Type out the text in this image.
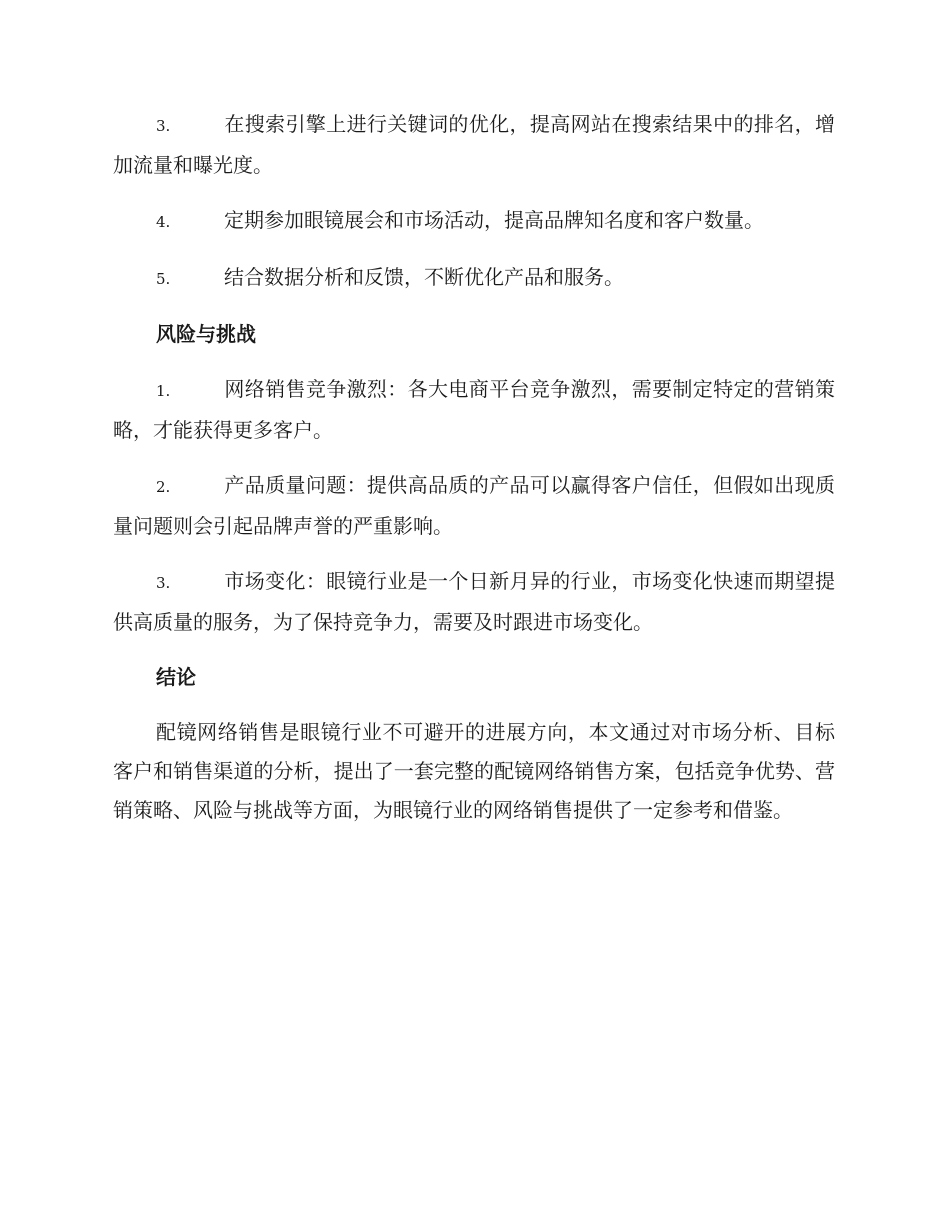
3.	在搜索引擎上进行关键词的优化，提高网站在搜索结果中的排名，增加流量和曝光度。
4.	定期参加眼镜展会和市场活动，提高品牌知名度和客户数量。
5.	结合数据分析和反馈，不断优化产品和服务。
风险与挑战
1.	网络销售竞争激烈：各大电商平台竞争激烈，需要制定特定的营销策略，才能获得更多客户。
2.	产品质量问题：提供高品质的产品可以赢得客户信任，但假如出现质量问题则会引起品牌声誉的严重影响。
3.	市场变化：眼镜行业是一个日新月异的行业，市场变化快速而期望提供高质量的服务，为了保持竞争力，需要及时跟进市场变化。
结论

配镜网络销售是眼镜行业不可避开的进展方向，本文通过对市场分析、目标客户和销售渠道的分析，提出了一套完整的配镜网络销售方案，包括竞争优势、营销策略、风险与挑战等方面，为眼镜行业的网络销售提供了一定参考和借鉴。
